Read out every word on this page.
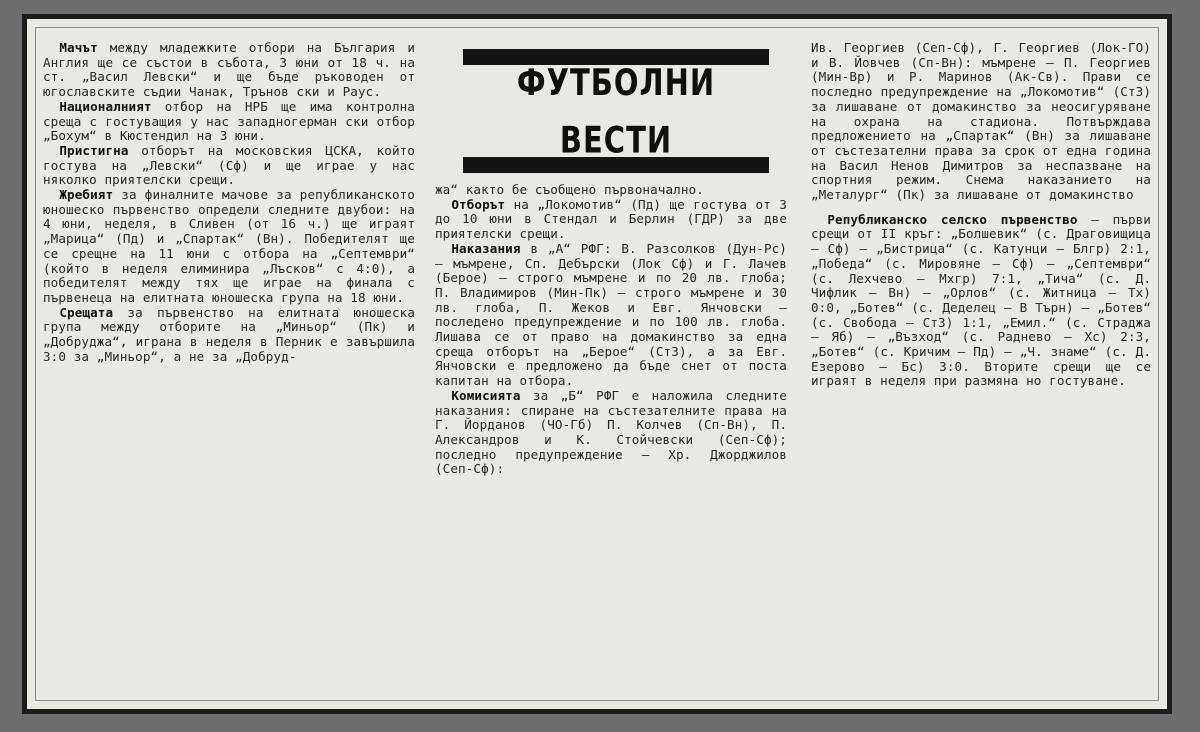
Мачът между младежките отбори на България и Англия ще се състои в събота, 3 юни от 18 ч. на ст. „Васил Левски“ и ще бъде ръководен от югославските съдии Чанак, Трънов ски и Раус.

Националният отбор на НРБ ще има контролна среща с гостуващия у нас западногерман ски отбор „Бохум“ в Кюстендил на 3 юни.

Пристигна отборът на московския ЦСКА, който гостува на „Левски“ (Сф) и ще играе у нас няколко приятелски срещи.

Жребият за финалните мачове за републиканското юношеско първенство определи следните двубои: на 4 юни, неделя, в Сливен (от 16 ч.) ще играят „Марица“ (Пд) и „Спартак“ (Вн). Победителят ще се срещне на 11 юни с отбора на „Септември“ (който в неделя елиминира „Лъсков“ с 4:0), а победителят между тях ще играе на финала с първенеца на елитната юношеска група на 18 юни.

Срещата за първенство на елитната юношеска група между отборите на „Миньор“ (Пк) и „Добруджа“, играна в неделя в Перник е завършила 3:0 за „Миньор“, а не за „Добруд-

ФУТБОЛНИ ВЕСТИ

жа“ както бе съобщено първоначално.

Отборът на „Локомотив“ (Пд) ще гостува от 3 до 10 юни в Стендал и Берлин (ГДР) за две приятелски срещи.

Наказания в „А“ РФГ: В. Разсолков (Дун-Рс) — мъмрене, Сп. Дебърски (Лок Сф) и Г. Лачев (Берое) — строго мъмрене и по 20 лв. глоба; П. Владимиров (Мин-Пк) — строго мъмрене и 30 лв. глоба, П. Жеков и Евг. Янчовски — последено предупреждение и по 100 лв. глоба. Лишава се от право на домакинство за една среща отборът на „Берое“ (СтЗ), а за Евг. Янчовски е предложено да бъде снет от поста капитан на отбора.

Комисията за „Б“ РФГ е наложила следните наказания: спиране на състезателните права на Г. Йорданов (ЧО-Гб) П. Колчев (Сп-Вн), П. Александров и К. Стойчевски (Сеп-Сф); последно предупреждение — Хр. Джорджилов (Сеп-Сф):

Ив. Георгиев (Сеп-Сф), Г. Георгиев (Лок-ГО) и В. Йовчев (Сп-Вн): мъмрене — П. Георгиев (Мин-Вр) и Р. Маринов (Ак-Св). Прави се последно предупреждение на „Локомотив“ (СтЗ) за лишаване от домакинство за неосигуряване на охрана на стадиона. Потвърждава предложението на „Спартак“ (Вн) за лишаване от състезателни права за срок от една година на Васил Ненов Димитров за неспазване на спортния режим. Снема наказанието на „Металург“ (Пк) за лишаване от домакинство

Републиканско селско първенство — първи срещи от II кръг: „Болшевик“ (с. Драговищица — Сф) — „Бистрица“ (с. Катунци — Блгр) 2:1, „Победа“ (с. Мировяне — Сф) — „Септември“ (с. Лехчево — Мхгр) 7:1, „Тича“ (с. Д. Чифлик — Вн) — „Орлов“ (с. Житница — Тх) 0:0, „Ботев“ (с. Деделец — В Търн) — „Ботев“ (с. Свобода — СтЗ) 1:1, „Емил.“ (с. Страджа — Яб) — „Възход“ (с. Раднево — Хс) 2:3, „Ботев“ (с. Кричим — Пд) — „Ч. знаме“ (с. Д. Езерово — Бс) 3:0. Вторите срещи ще се играят в неделя при размяна но гостуване.
